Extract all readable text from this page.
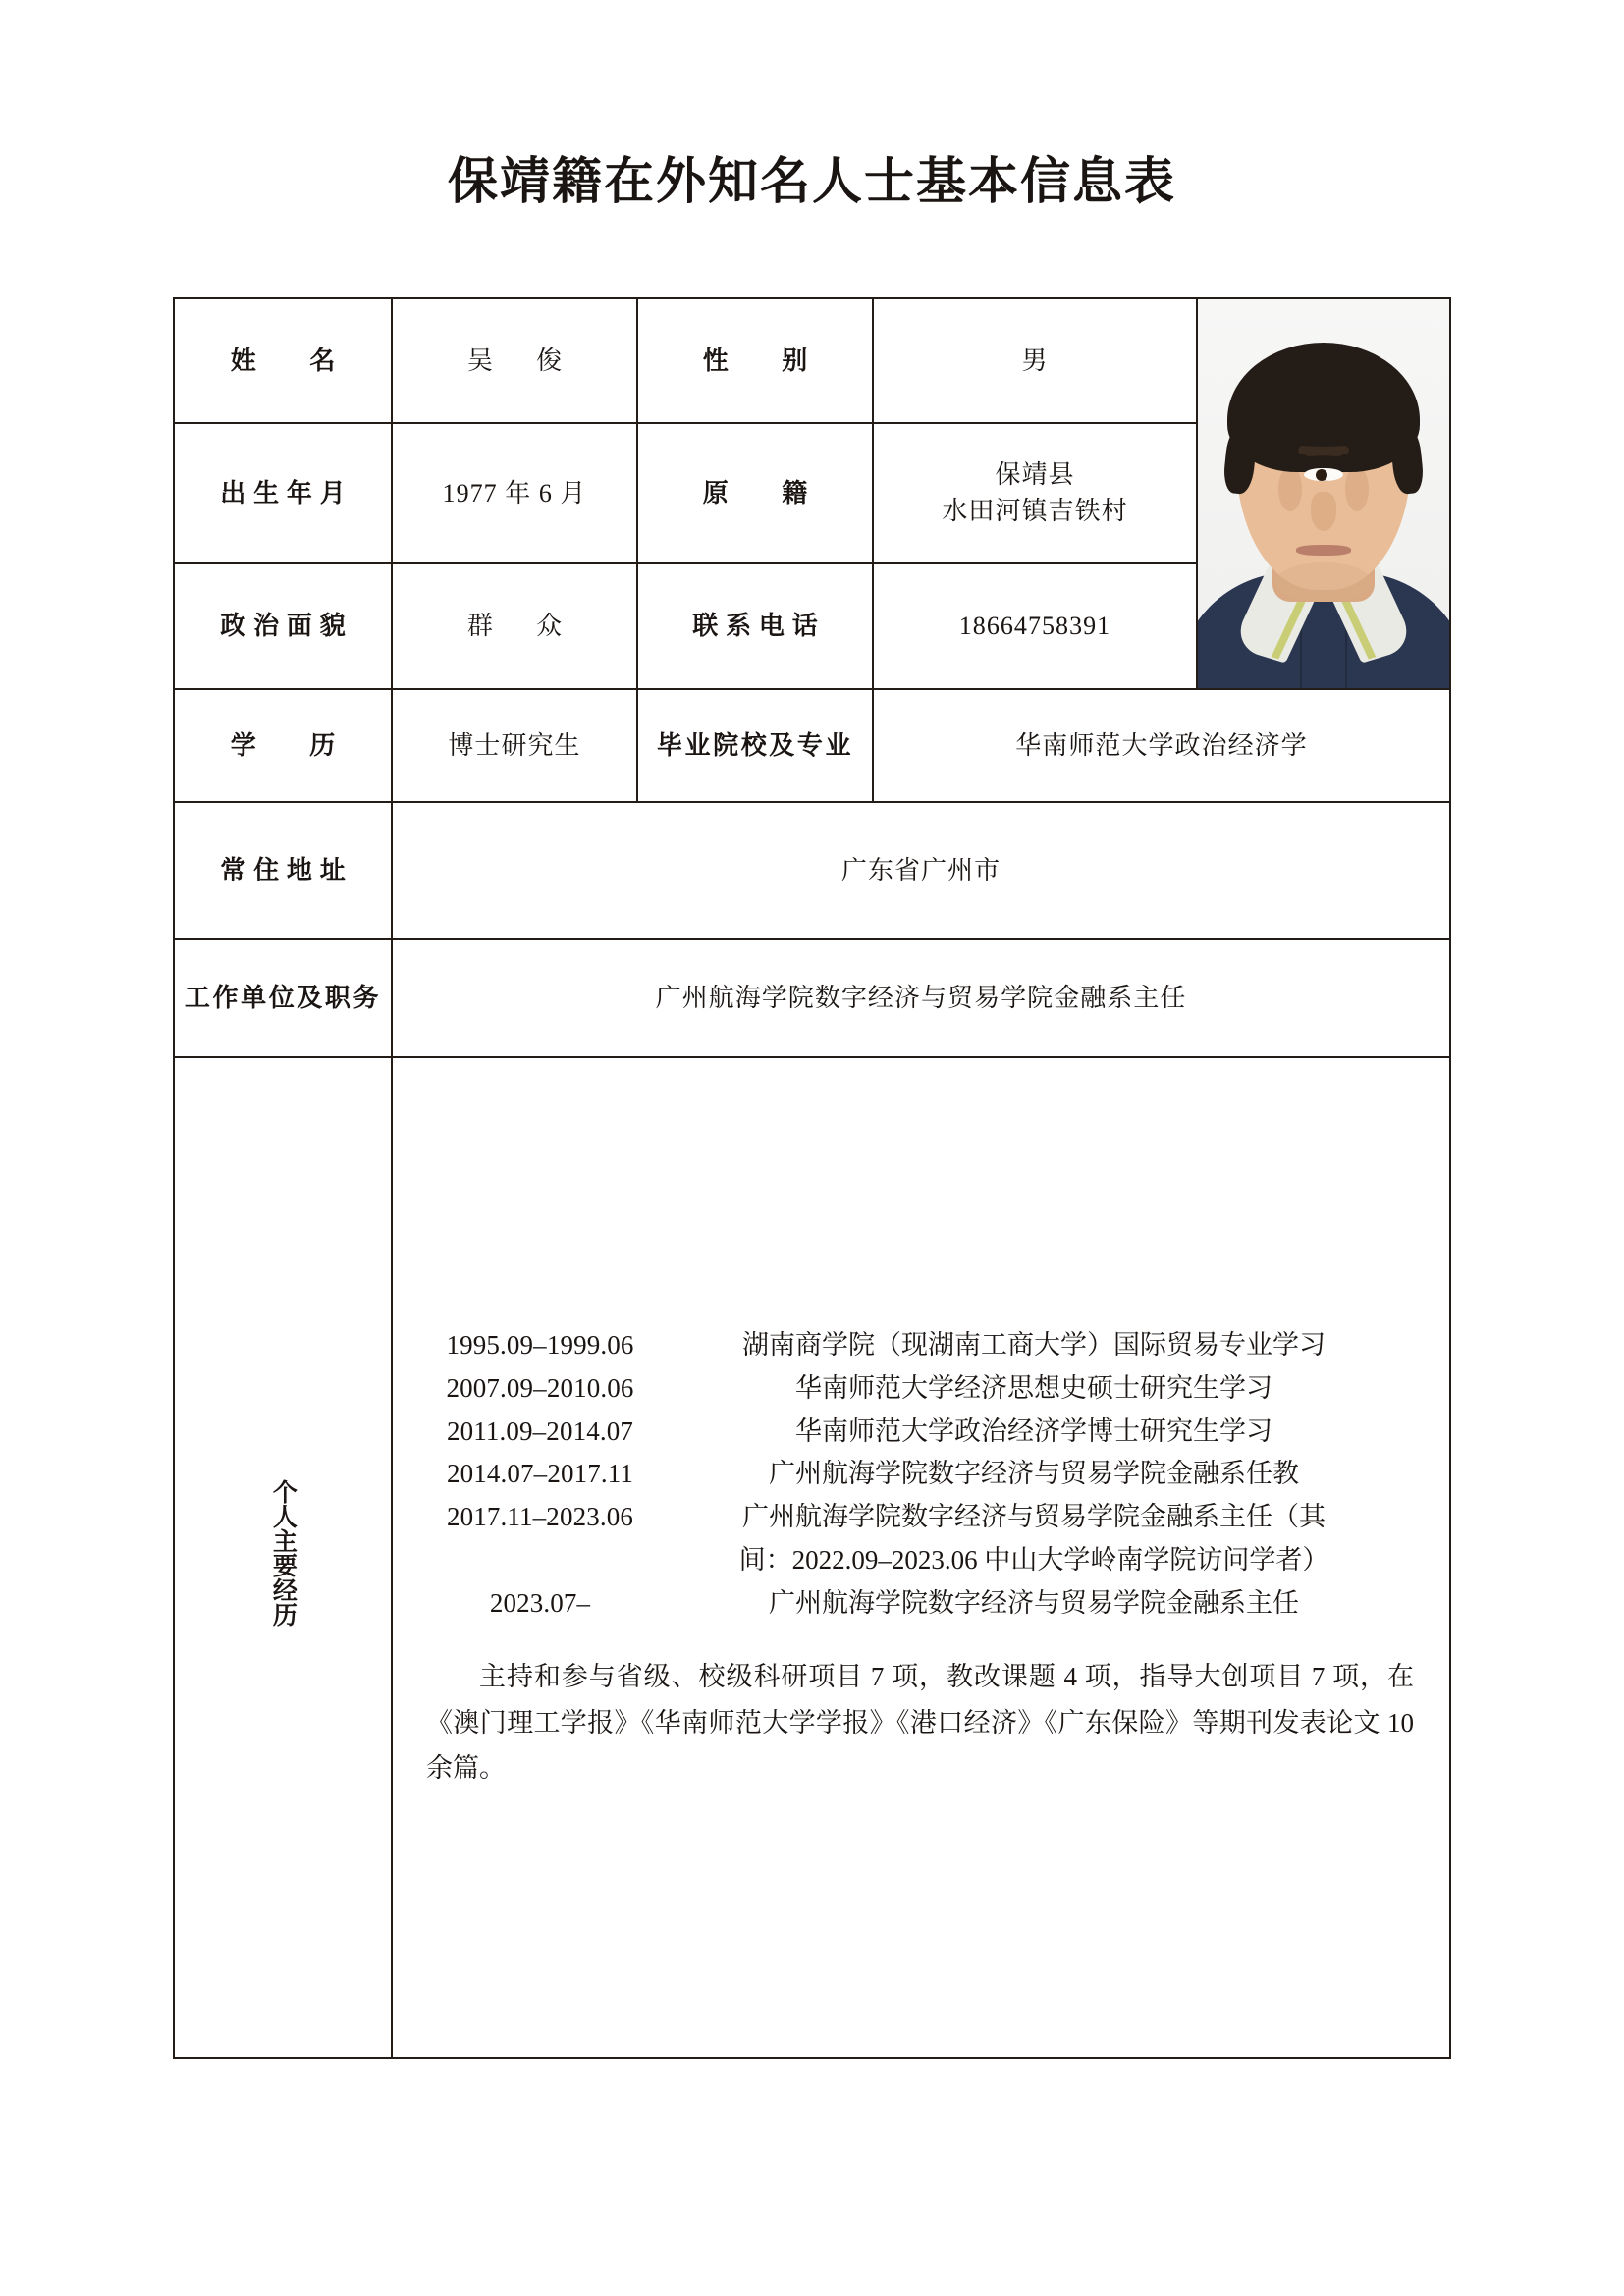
保靖籍在外知名人士基本信息表
姓　名	吴　俊	性　别	男	

出生年月	1977 年 6 月	原　籍	保靖县
水田河镇吉铁村	

政治面貌	群　众	联系电话	18664758391	
学　历	博士研究生	毕业院校及专业	华南师范大学政治经济学	
常住地址	广东省广州市			
工作单位及职务	广州航海学院数字经济与贸易学院金融系主任			
个人主要经历	
1995.09–1999.06	湖南商学院（现湖南工商大学）国际贸易专业学习
2007.09–2010.06	华南师范大学经济思想史硕士研究生学习
2011.09–2014.07	华南师范大学政治经济学博士研究生学习
2014.07–2017.11	广州航海学院数字经济与贸易学院金融系任教
2017.11–2023.06	广州航海学院数字经济与贸易学院金融系主任（其
间：2022.09–2023.06 中山大学岭南学院访问学者）
2023.07–	广州航海学院数字经济与贸易学院金融系主任
主持和参与省级、校级科研项目 7 项，教改课题 4 项，指导大创项目 7 项，在《澳门理工学报》《华南师范大学学报》《港口经济》《广东保险》等期刊发表论文 10 余篇。
